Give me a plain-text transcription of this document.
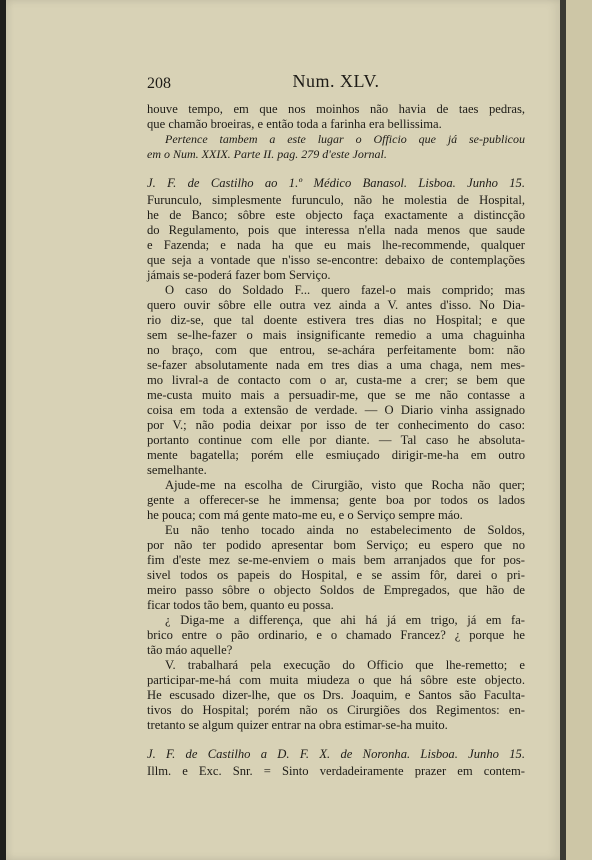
208	Num. XLV.
houve tempo, em que nos moinhos não havia de taes pedras,
que chamão broeiras, e então toda a farinha era bellissima.
Pertence tambem a este lugar o Officio que já se-publicou
em o Num. XXIX. Parte II. pag. 279 d'este Jornal.
J. F. de Castilho ao 1.º Médico Banasol. Lisboa. Junho 15.
Furunculo, simplesmente furunculo, não he molestia de Hospital,
he de Banco; sôbre este objecto faça exactamente a distincção
do Regulamento, pois que interessa n'ella nada menos que saude
e Fazenda; e nada ha que eu mais lhe-recommende, qualquer
que seja a vontade que n'isso se-encontre: debaixo de contemplações jámais se-poderá fazer bom Serviço.
O caso do Soldado F... quero fazel-o mais comprido; mas
quero ouvir sôbre elle outra vez ainda a V. antes d'isso. No Dia-
rio diz-se, que tal doente estivera tres dias no Hospital; e que
sem se-lhe-fazer o mais insignificante remedio a uma chaguinha
no braço, com que entrou, se-achára perfeitamente bom: não
se-fazer absolutamente nada em tres dias a uma chaga, nem mes-
mo livral-a de contacto com o ar, custa-me a crer; se bem que
me-custa muito mais a persuadir-me, que se me não contasse a
coisa em toda a extensão de verdade. — O Diario vinha assignado
por V.; não podia deixar por isso de ter conhecimento do caso:
portanto continue com elle por diante. — Tal caso he absoluta-
mente bagatella; porém elle esmiuçado dirigir-me-ha em outro
semelhante.
Ajude-me na escolha de Cirurgião, visto que Rocha não quer;
gente a offerecer-se he immensa; gente boa por todos os lados
he pouca; com má gente mato-me eu, e o Serviço sempre máo.
Eu não tenho tocado ainda no estabelecimento de Soldos,
por não ter podido apresentar bom Serviço; eu espero que no
fim d'este mez se-me-enviem o mais bem arranjados que for pos-
sivel todos os papeis do Hospital, e se assim fôr, darei o pri-
meiro passo sôbre o objecto Soldos de Empregados, que hão de
ficar todos tão bem, quanto eu possa.
¿ Diga-me a differença, que ahi há já em trigo, já em fa-
brico entre o pão ordinario, e o chamado Francez? ¿ porque he
tão máo aquelle?
V. trabalhará pela execução do Officio que lhe-remetto; e
participar-me-há com muita miudeza o que há sôbre este objecto.
He escusado dizer-lhe, que os Drs. Joaquim, e Santos são Faculta-
tivos do Hospital; porém não os Cirurgiões dos Regimentos: en-
tretanto se algum quizer entrar na obra estimar-se-ha muito.
J. F. de Castilho a D. F. X. de Noronha. Lisboa. Junho 15.
Illm. e Exc. Snr. = Sinto verdadeiramente prazer em contem-
